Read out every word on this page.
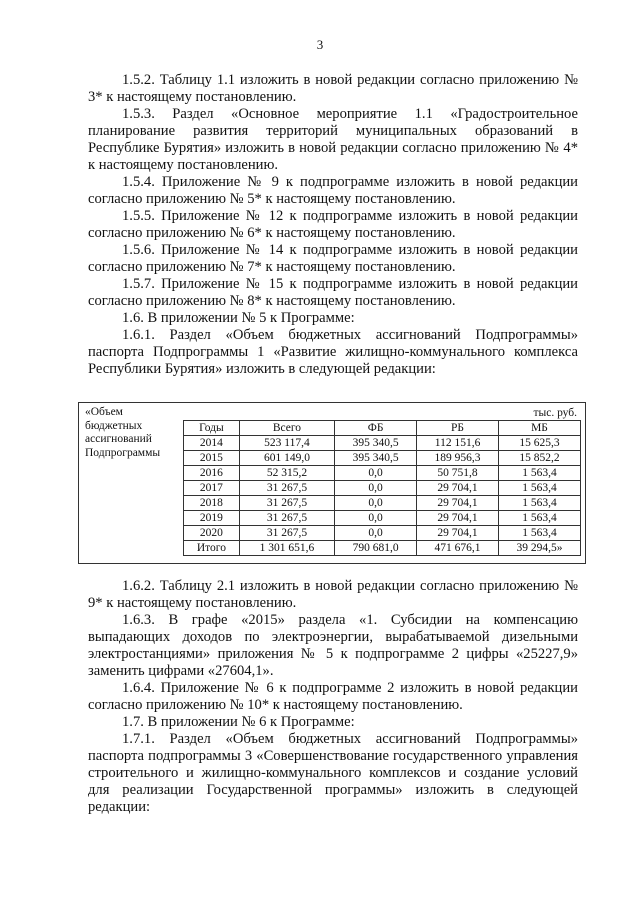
3

1.5.2. Таблицу 1.1 изложить в новой редакции согласно приложению № 3* к настоящему постановлению.

1.5.3. Раздел «Основное мероприятие 1.1 «Градостроительное планирование развития территорий муниципальных образований в Республике Бурятия» изложить в новой редакции согласно приложению № 4* к настоящему постановлению.

1.5.4. Приложение № 9 к подпрограмме изложить в новой редакции согласно приложению № 5* к настоящему постановлению.

1.5.5. Приложение № 12 к подпрограмме изложить в новой редакции согласно приложению № 6* к настоящему постановлению.

1.5.6. Приложение № 14 к подпрограмме изложить в новой редакции согласно приложению № 7* к настоящему постановлению.

1.5.7. Приложение № 15 к подпрограмме изложить в новой редакции согласно приложению № 8* к настоящему постановлению.

1.6. В приложении № 5 к Программе:

1.6.1. Раздел «Объем бюджетных ассигнований Подпрограммы» паспорта Подпрограммы 1 «Развитие жилищно-коммунального комплекса Республики Бурятия» изложить в следующей редакции:

«Объем бюджетных ассигнований Подпрограммы
тыс. руб.
Годы	Всего	ФБ	РБ	МБ
2014	523 117,4	395 340,5	112 151,6	15 625,3
2015	601 149,0	395 340,5	189 956,3	15 852,2
2016	52 315,2	0,0	50 751,8	1 563,4
2017	31 267,5	0,0	29 704,1	1 563,4
2018	31 267,5	0,0	29 704,1	1 563,4
2019	31 267,5	0,0	29 704,1	1 563,4
2020	31 267,5	0,0	29 704,1	1 563,4
Итого	1 301 651,6	790 681,0	471 676,1	39 294,5»

1.6.2. Таблицу 2.1 изложить в новой редакции согласно приложению № 9* к настоящему постановлению.

1.6.3. В графе «2015» раздела «1. Субсидии на компенсацию выпадающих доходов по электроэнергии, вырабатываемой дизельными электростанциями» приложения № 5 к подпрограмме 2 цифры «25227,9» заменить цифрами «27604,1».

1.6.4. Приложение № 6 к подпрограмме 2 изложить в новой редакции согласно приложению № 10* к настоящему постановлению.

1.7. В приложении № 6 к Программе:

1.7.1. Раздел «Объем бюджетных ассигнований Подпрограммы» паспорта подпрограммы 3 «Совершенствование государственного управления строительного и жилищно-коммунального комплексов и создание условий для реализации Государственной программы» изложить в следующей редакции:
